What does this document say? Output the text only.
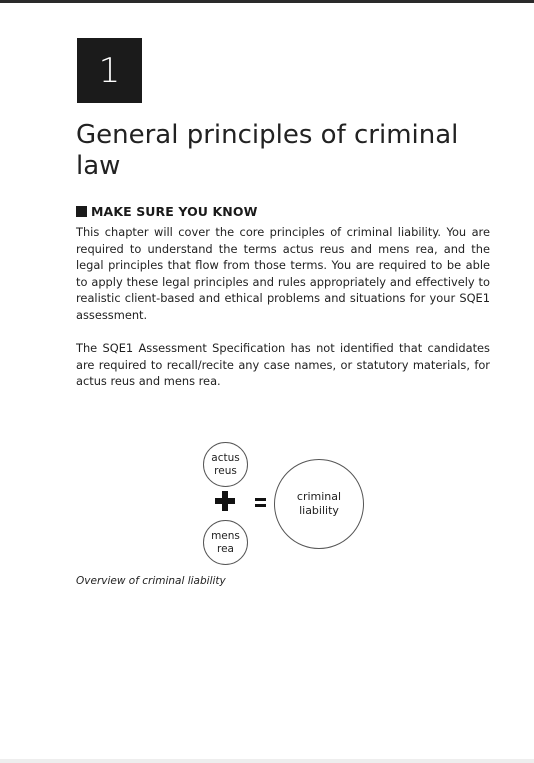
1
General principles of criminal law
MAKE SURE YOU KNOW

This chapter will cover the core principles of criminal liability. You are required to understand the terms actus reus and mens rea, and the legal principles that flow from those terms. You are required to be able to apply these legal principles and rules appropriately and effectively to realistic client-based and ethical problems and situations for your SQE1 assessment.

The SQE1 Assessment Specification has not identified that candidates are required to recall/recite any case names, or statutory materials, for actus reus and mens rea.

actus
reus
mens
rea
criminal
liability
Overview of criminal liability
